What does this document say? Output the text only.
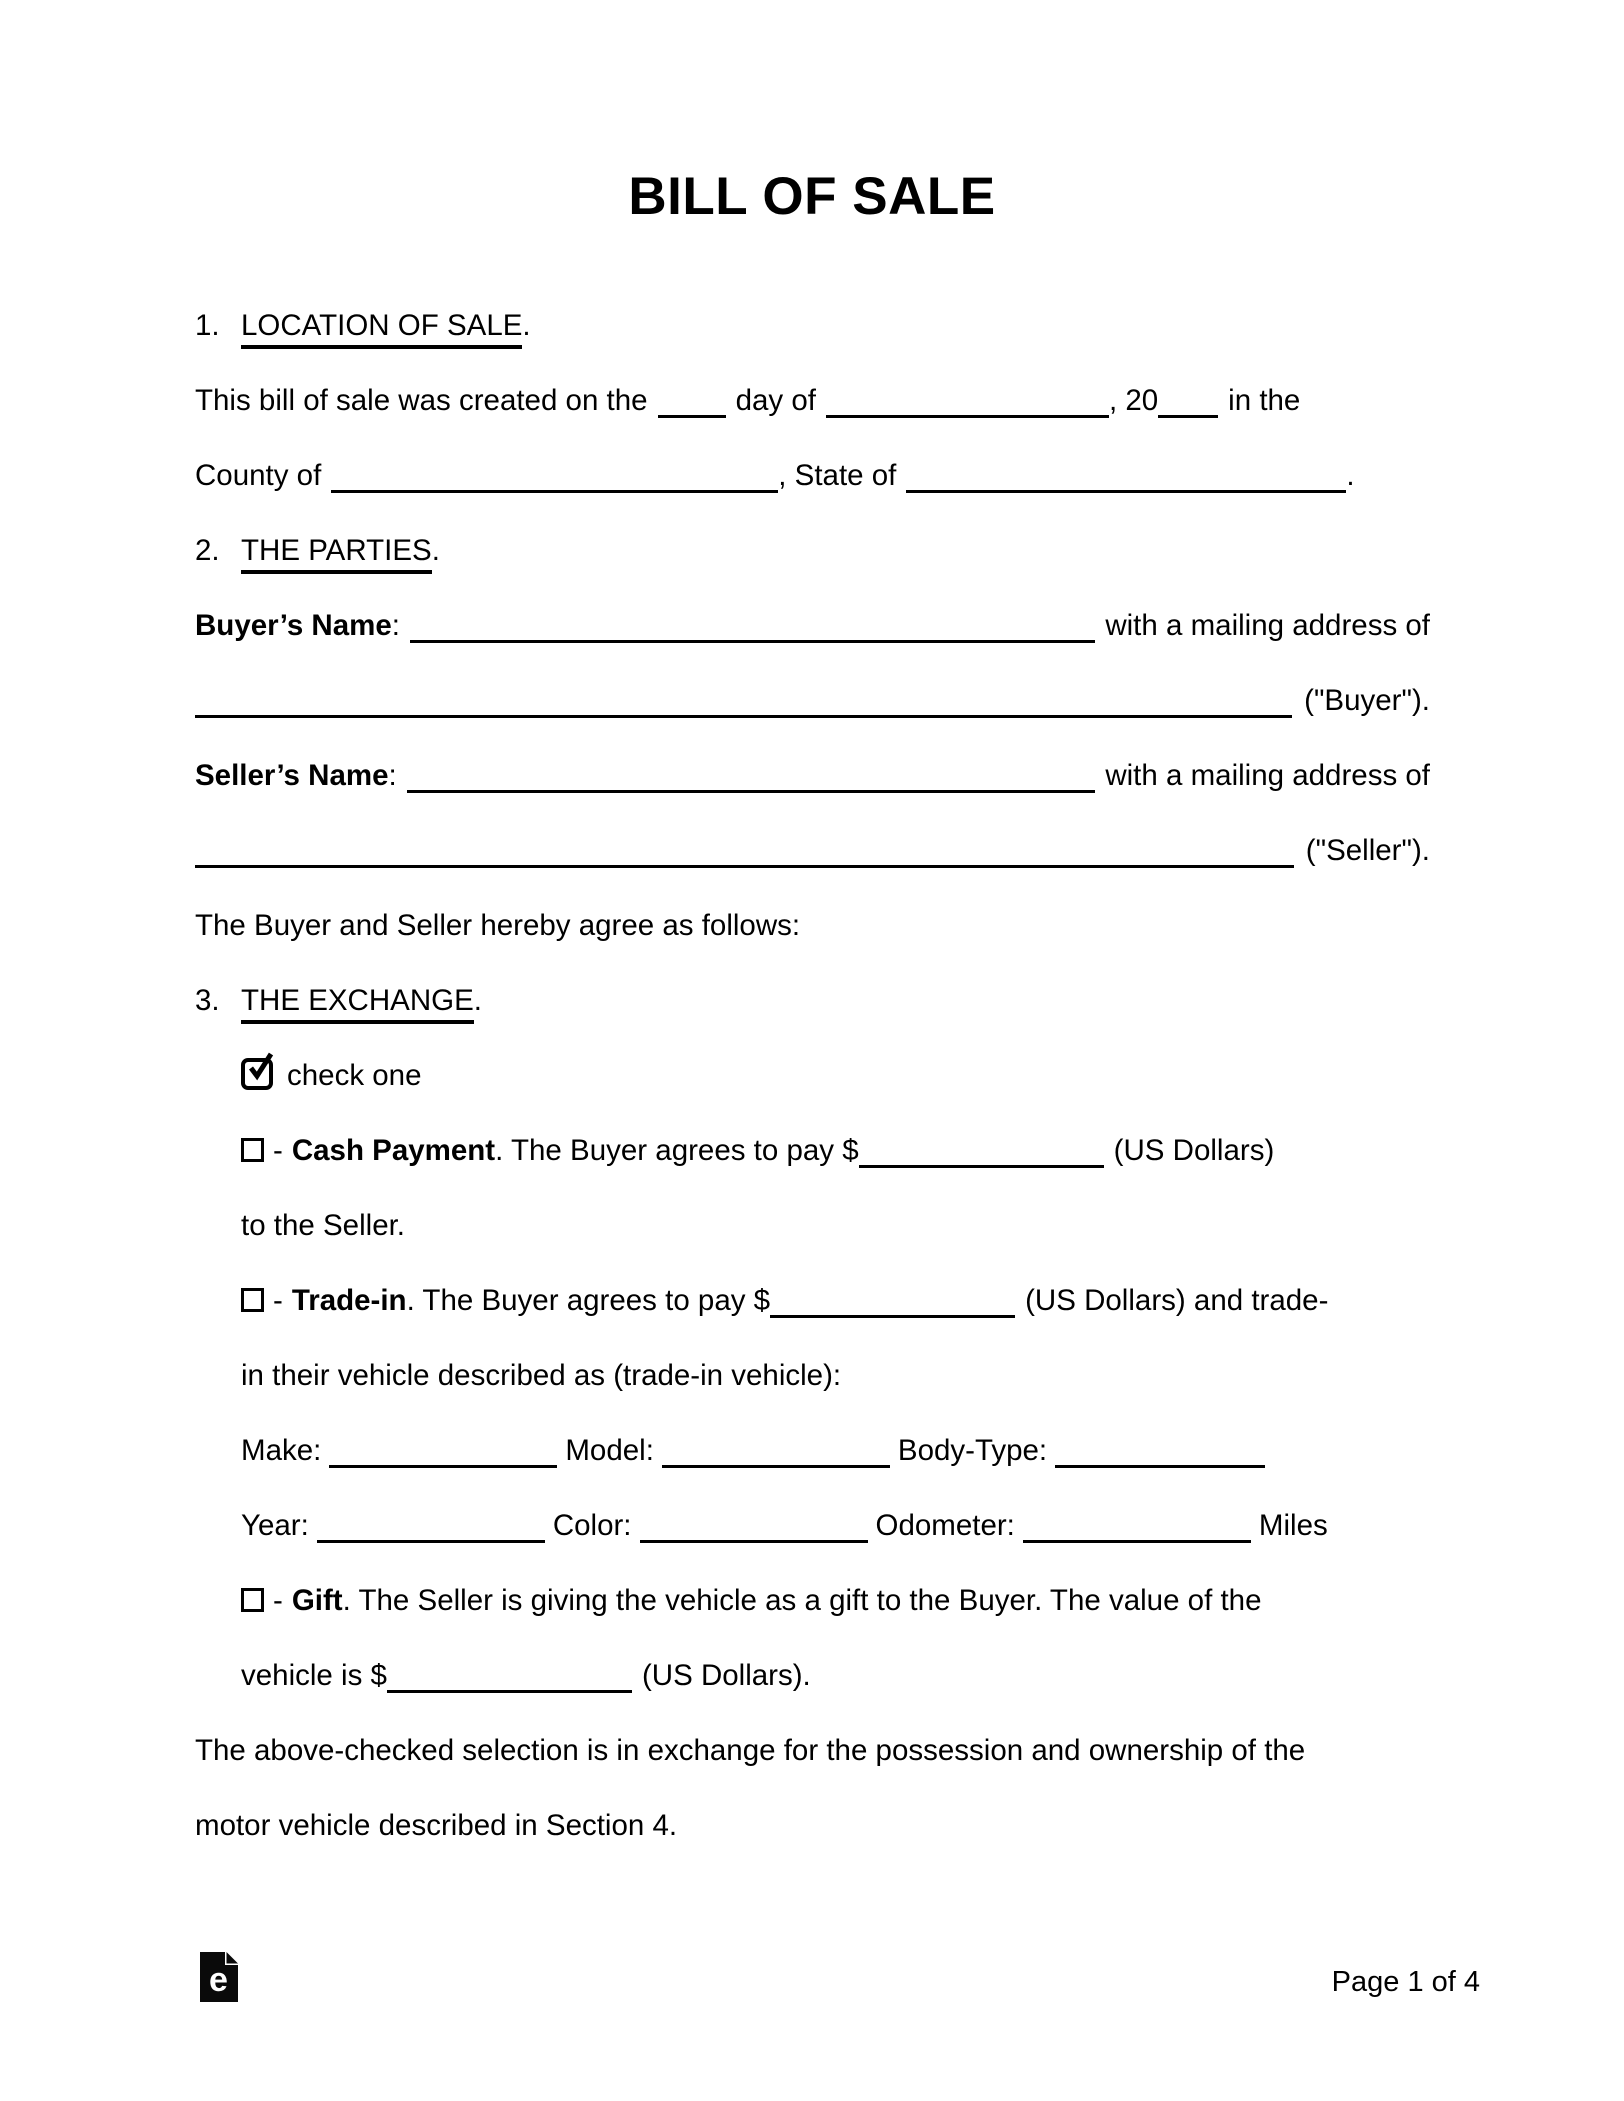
BILL OF SALE
1. LOCATION OF SALE.
This bill of sale was created on the	day of	, 20 in the
County of	, State of	.
2. THE PARTIES.
Buyer’s Name :	with a mailing address of
("Buyer").
Seller’s Name :	with a mailing address of
("Seller").
The Buyer and Seller hereby agree as follows:
3. THE EXCHANGE.
check one
- Cash Payment. The Buyer agrees to pay $	(US Dollars)
to the Seller.
- Trade-in. The Buyer agrees to pay $	(US Dollars) and trade-
in their vehicle described as (trade-in vehicle):
Make:	Model:	Body-Type:
Year:	Color:	Odometer:	Miles
- Gift. The Seller is giving the vehicle as a gift to the Buyer. The value of the
vehicle is $	(US Dollars).
The above-checked selection is in exchange for the possession and ownership of the
motor vehicle described in Section 4.
e	Page 1 of 4
